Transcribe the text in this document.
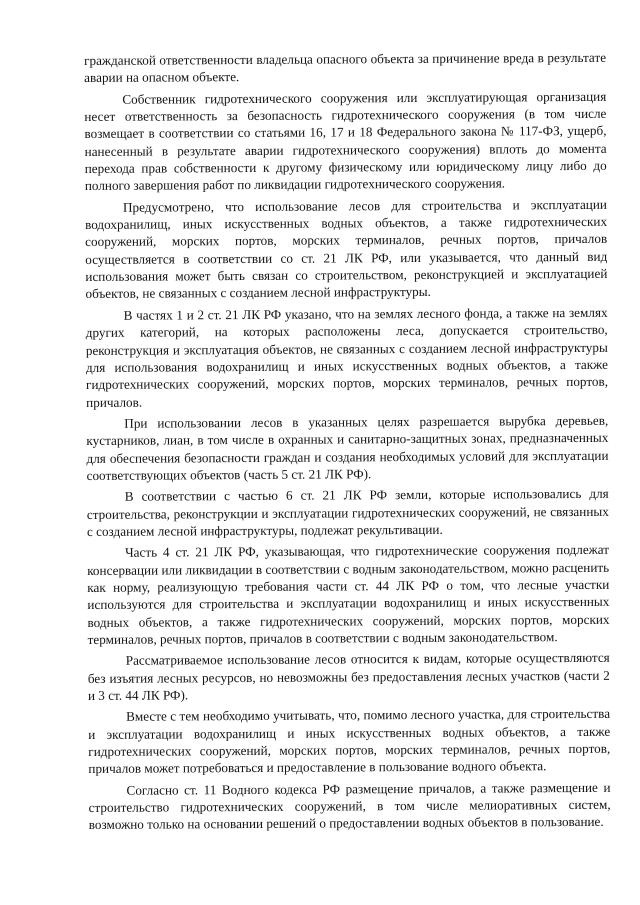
гражданской ответственности владельца опасного объекта за причинение вреда в результате аварии на опасном объекте.

Собственник гидротехнического сооружения или эксплуатирующая организация несет ответственность за безопасность гидротехнического сооружения (в том числе возмещает в соответствии со статьями 16, 17 и 18 Федерального закона № 117-ФЗ, ущерб, нанесенный в результате аварии гидротехнического сооружения) вплоть до момента перехода прав собственности к другому физическому или юридическому лицу либо до полного завершения работ по ликвидации гидротехнического сооружения.

Предусмотрено, что использование лесов для строительства и эксплуатации водохранилищ, иных искусственных водных объектов, а также гидротехнических сооружений, морских портов, морских терминалов, речных портов, причалов осуществляется в соответствии со ст. 21 ЛК РФ, или указывается, что данный вид использования может быть связан со строительством, реконструкцией и эксплуатацией объектов, не связанных с созданием лесной инфраструктуры.

В частях 1 и 2 ст. 21 ЛК РФ указано, что на землях лесного фонда, а также на землях других категорий, на которых расположены леса, допускается строительство, реконструкция и эксплуатация объектов, не связанных с созданием лесной инфраструктуры для использования водохранилищ и иных искусственных водных объектов, а также гидротехнических сооружений, морских портов, морских терминалов, речных портов, причалов.

При использовании лесов в указанных целях разрешается вырубка деревьев, кустарников, лиан, в том числе в охранных и санитарно-защитных зонах, предназначенных для обеспечения безопасности граждан и создания необходимых условий для эксплуатации соответствующих объектов (часть 5 ст. 21 ЛК РФ).

В соответствии с частью 6 ст. 21 ЛК РФ земли, которые использовались для строительства, реконструкции и эксплуатации гидротехнических сооружений, не связанных с созданием лесной инфраструктуры, подлежат рекультивации.

Часть 4 ст. 21 ЛК РФ, указывающая, что гидротехнические сооружения подлежат консервации или ликвидации в соответствии с водным законодательством, можно расценить как норму, реализующую требования части ст. 44 ЛК РФ о том, что лесные участки используются для строительства и эксплуатации водохранилищ и иных искусственных водных объектов, а также гидротехнических сооружений, морских портов, морских терминалов, речных портов, причалов в соответствии с водным законодательством.

Рассматриваемое использование лесов относится к видам, которые осуществляются без изъятия лесных ресурсов, но невозможны без предоставления лесных участков (части 2 и 3 ст. 44 ЛК РФ).

Вместе с тем необходимо учитывать, что, помимо лесного участка, для строительства и эксплуатации водохранилищ и иных искусственных водных объектов, а также гидротехнических сооружений, морских портов, морских терминалов, речных портов, причалов может потребоваться и предоставление в пользование водного объекта.

Согласно ст. 11 Водного кодекса РФ размещение причалов, а также размещение и строительство гидротехнических сооружений, в том числе мелиоративных систем, возможно только на основании решений о предоставлении водных объектов в пользование.
